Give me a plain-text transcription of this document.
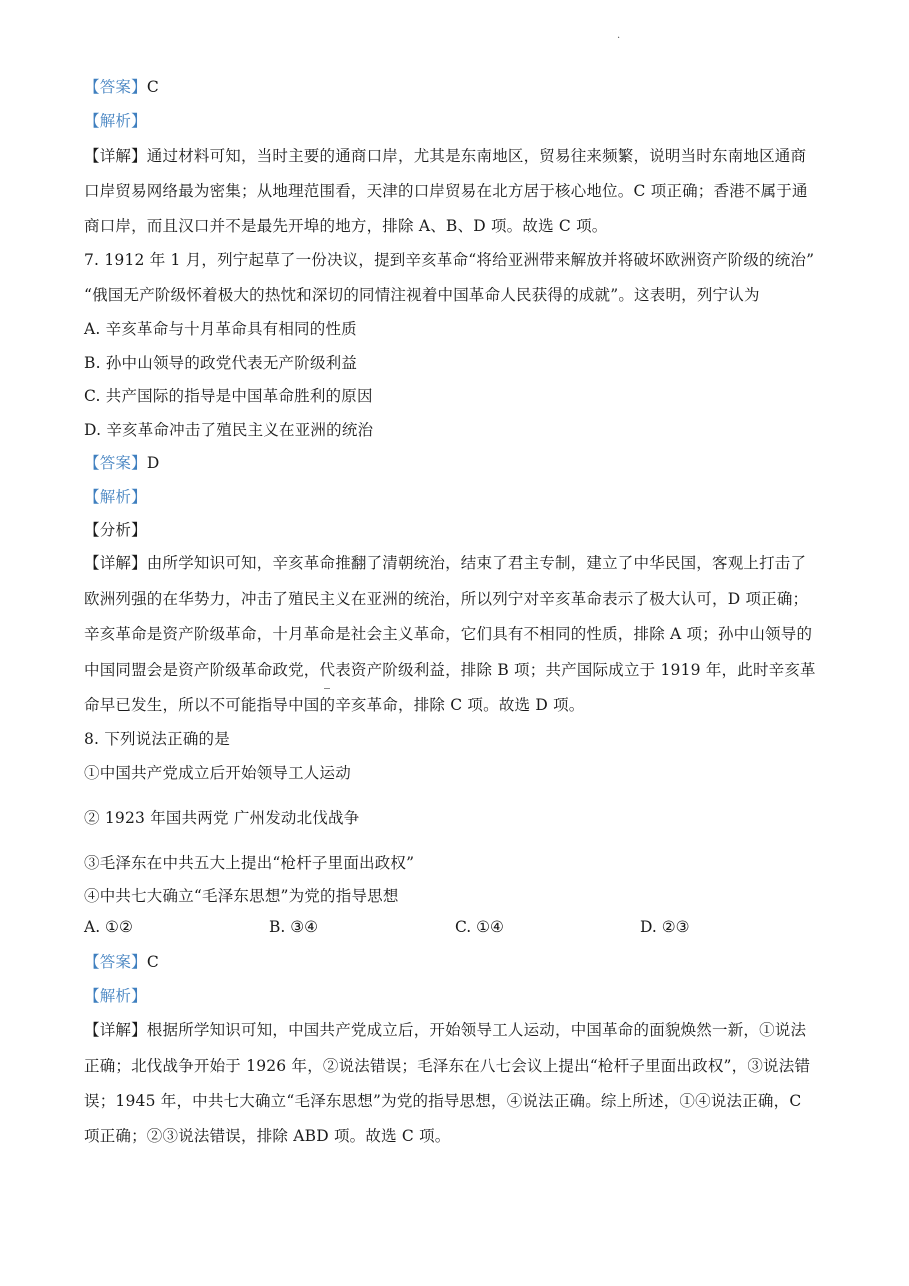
.
【答案】C
【解析】
【详解】通过材料可知，当时主要的通商口岸，尤其是东南地区，贸易往来频繁，说明当时东南地区通商
口岸贸易网络最为密集；从地理范围看，天津的口岸贸易在北方居于核心地位。C 项正确；香港不属于通
商口岸，而且汉口并不是最先开埠的地方，排除 A、B、D 项。故选 C 项。
7. 1912 年 1 月，列宁起草了一份决议，提到辛亥革命“将给亚洲带来解放并将破坏欧洲资产阶级的统治”
“俄国无产阶级怀着极大的热忱和深切的同情注视着中国革命人民获得的成就”。这表明，列宁认为
A. 辛亥革命与十月革命具有相同的性质
B. 孙中山领导的政党代表无产阶级利益
C. 共产国际的指导是中国革命胜利的原因
D. 辛亥革命冲击了殖民主义在亚洲的统治
【答案】D
【解析】
【分析】
【详解】由所学知识可知，辛亥革命推翻了清朝统治，结束了君主专制，建立了中华民国，客观上打击了
欧洲列强的在华势力，冲击了殖民主义在亚洲的统治，所以列宁对辛亥革命表示了极大认可，D 项正确；
辛亥革命是资产阶级革命，十月革命是社会主义革命，它们具有不相同的性质，排除 A 项；孙中山领导的
中国同盟会是资产阶级革命政党，代表资产阶级利益，排除 B 项；共产国际成立于 1919 年，此时辛亥革
命早已发生，所以不可能指导中国的辛亥革命，排除 C 项。故选 D 项。
8. 下列说法正确的是
①中国共产党成立后开始领导工人运动
② 1923 年国共两党 广州发动北伐战争
③毛泽东在中共五大上提出“枪杆子里面出政权”
④中共七大确立“毛泽东思想”为党的指导思想
A. ①②	B. ③④	C. ①④	D. ②③
【答案】C
【解析】
【详解】根据所学知识可知，中国共产党成立后，开始领导工人运动，中国革命的面貌焕然一新，①说法
正确；北伐战争开始于 1926 年，②说法错误；毛泽东在八七会议上提出“枪杆子里面出政权”，③说法错
误；1945 年，中共七大确立“毛泽东思想”为党的指导思想，④说法正确。综上所述，①④说法正确，C
项正确；②③说法错误，排除 ABD 项。故选 C 项。
